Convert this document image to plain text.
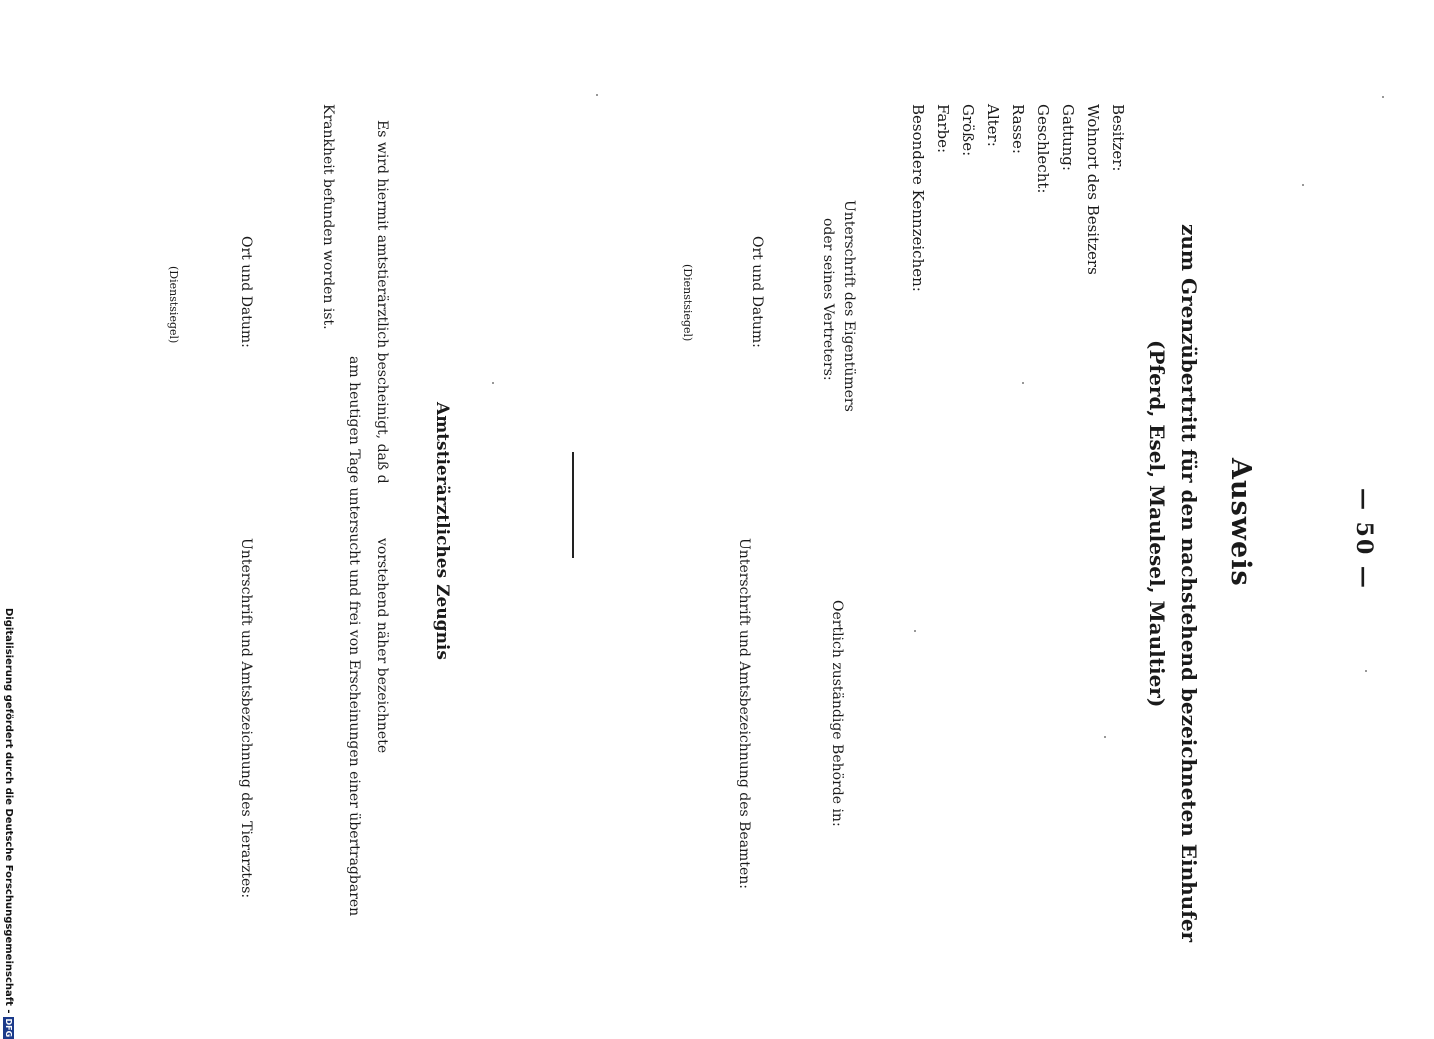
— 50 —
Ausweis
zum Grenzübertritt für den nachstehend bezeichneten Einhufer
(Pferd, Esel, Maulesel, Maultier)
Besitzer:
Wohnort des Besitzers
Gattung:
Geschlecht:
Rasse:
Alter:
Größe:
Farbe:
Besondere Kennzeichen:
Unterschrift des Eigentümers
oder seines Vertreters:
Oertlich zuständige Behörde in:
Ort und Datum:
Unterschrift und Amtsbezeichnung des Beamten:
(Dienstsiegel)
Amtstierärztliches Zeugnis
Es wird hiermit amtstierärztlich bescheinigt, daß d
vorstehend näher bezeichnete
am heutigen Tage untersucht und frei von Erscheinungen einer übertragbaren
Krankheit befunden worden ist.
Ort und Datum:
Unterschrift und Amtsbezeichnung des Tierarztes:
(Dienstsiegel)
Digitalisierung gefördert durch die Deutsche Forschungsgemeinschaft -DFG
